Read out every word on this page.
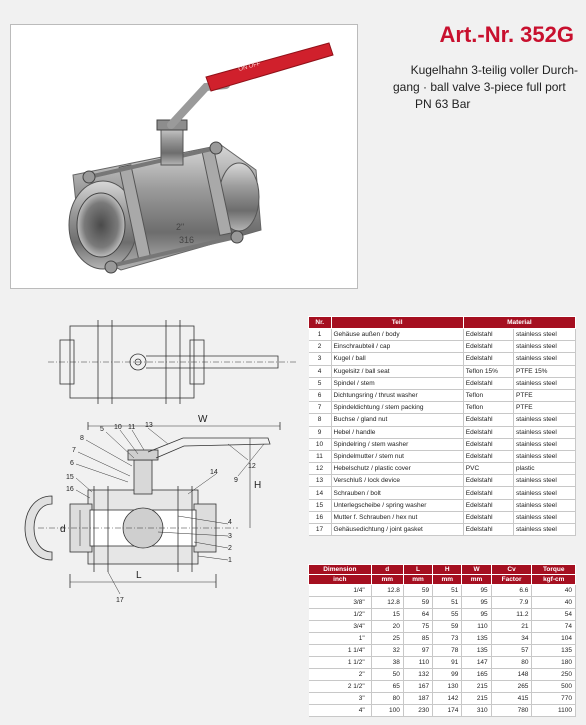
ON OFF
2"
316
Art.-Nr. 352G
Kugelhahn 3-teilig voller Durch-
gang · ball valve 3-piece full port
PN 63 Bar
W
H
d
L
5 10 11 13
8
7
6
15
16
14
12
9
4
3
2
1
17
Nr.	Teil	Material	
1	Gehäuse außen / body	Edelstahl	stainless steel
2	Einschraubteil / cap	Edelstahl	stainless steel
3	Kugel / ball	Edelstahl	stainless steel
4	Kugelsitz / ball seat	Teflon 15%	PTFE 15%
5	Spindel / stem	Edelstahl	stainless steel
6	Dichtungsring / thrust washer	Teflon	PTFE
7	Spindeldichtung / stem packing	Teflon	PTFE
8	Buchse / gland nut	Edelstahl	stainless steel
9	Hebel / handle	Edelstahl	stainless steel
10	Spindelring / stem washer	Edelstahl	stainless steel
11	Spindelmutter / stem nut	Edelstahl	stainless steel
12	Hebelschutz / plastic cover	PVC	plastic
13	Verschluß / lock device	Edelstahl	stainless steel
14	Schrauben / bolt	Edelstahl	stainless steel
15	Unterlegscheibe / spring washer	Edelstahl	stainless steel
16	Mutter f. Schrauben / hex nut	Edelstahl	stainless steel
17	Gehäusedichtung / joint gasket	Edelstahl	stainless steel
Dimension	d	L	H	W	Cv	Torque
inch	mm	mm	mm	mm	Factor	kgf-cm
1/4"	12.8	59	51	95	6.6	40
3/8"	12.8	59	51	95	7.9	40
1/2"	15	64	55	95	11.2	54
3/4"	20	75	59	110	21	74
1"	25	85	73	135	34	104
1 1/4"	32	97	78	135	57	135
1 1/2"	38	110	91	147	80	180
2"	50	132	99	165	148	250
2 1/2"	65	167	130	215	265	500
3"	80	187	142	215	415	770
4"	100	230	174	310	780	1100
